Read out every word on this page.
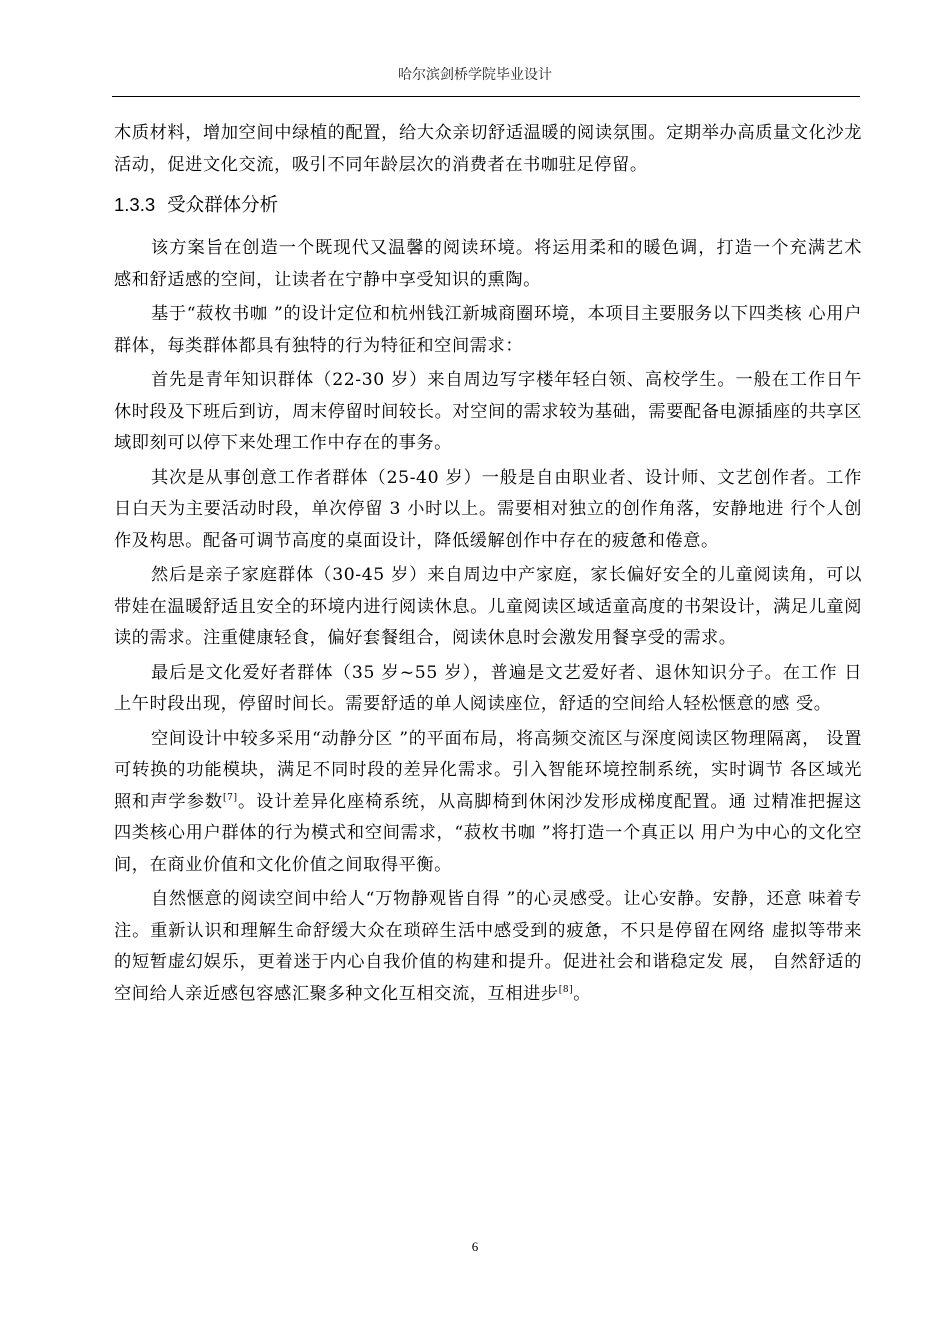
哈尔滨剑桥学院毕业设计

木质材料，增加空间中绿植的配置，给大众亲切舒适温暖的阅读氛围。定期举办高质量文化沙龙活动，促进文化交流，吸引不同年龄层次的消费者在书咖驻足停留。

1.3.3 受众群体分析

该方案旨在创造一个既现代又温馨的阅读环境。将运用柔和的暖色调，打造一个充满艺术感和舒适感的空间，让读者在宁静中享受知识的熏陶。

基于“菽枚书咖 ”的设计定位和杭州钱江新城商圈环境，本项目主要服务以下四类核 心用户群体，每类群体都具有独特的行为特征和空间需求：

首先是青年知识群体（22-30 岁）来自周边写字楼年轻白领、高校学生。一般在工作日午休时段及下班后到访，周末停留时间较长。对空间的需求较为基础，需要配备电源插座的共享区域即刻可以停下来处理工作中存在的事务。

其次是从事创意工作者群体（25-40 岁）一般是自由职业者、设计师、文艺创作者。工作日白天为主要活动时段，单次停留 3 小时以上。需要相对独立的创作角落，安静地进 行个人创作及构思。配备可调节高度的桌面设计，降低缓解创作中存在的疲惫和倦意。

然后是亲子家庭群体（30-45 岁）来自周边中产家庭，家长偏好安全的儿童阅读角，可以带娃在温暖舒适且安全的环境内进行阅读休息。儿童阅读区域适童高度的书架设计，满足儿童阅读的需求。注重健康轻食，偏好套餐组合，阅读休息时会激发用餐享受的需求。

最后是文化爱好者群体（35 岁~55 岁），普遍是文艺爱好者、退休知识分子。在工作 日上午时段出现，停留时间长。需要舒适的单人阅读座位，舒适的空间给人轻松惬意的感 受。

空间设计中较多采用“动静分区 ”的平面布局，将高频交流区与深度阅读区物理隔离， 设置可转换的功能模块，满足不同时段的差异化需求。引入智能环境控制系统，实时调节 各区域光照和声学参数[7]。设计差异化座椅系统，从高脚椅到休闲沙发形成梯度配置。通 过精准把握这四类核心用户群体的行为模式和空间需求，“菽枚书咖 ”将打造一个真正以 用户为中心的文化空间，在商业价值和文化价值之间取得平衡。

自然惬意的阅读空间中给人“万物静观皆自得 ”的心灵感受。让心安静。安静，还意 味着专注。重新认识和理解生命舒缓大众在琐碎生活中感受到的疲惫，不只是停留在网络 虚拟等带来的短暂虚幻娱乐，更着迷于内心自我价值的构建和提升。促进社会和谐稳定发 展， 自然舒适的空间给人亲近感包容感汇聚多种文化互相交流，互相进步[8]。

6
